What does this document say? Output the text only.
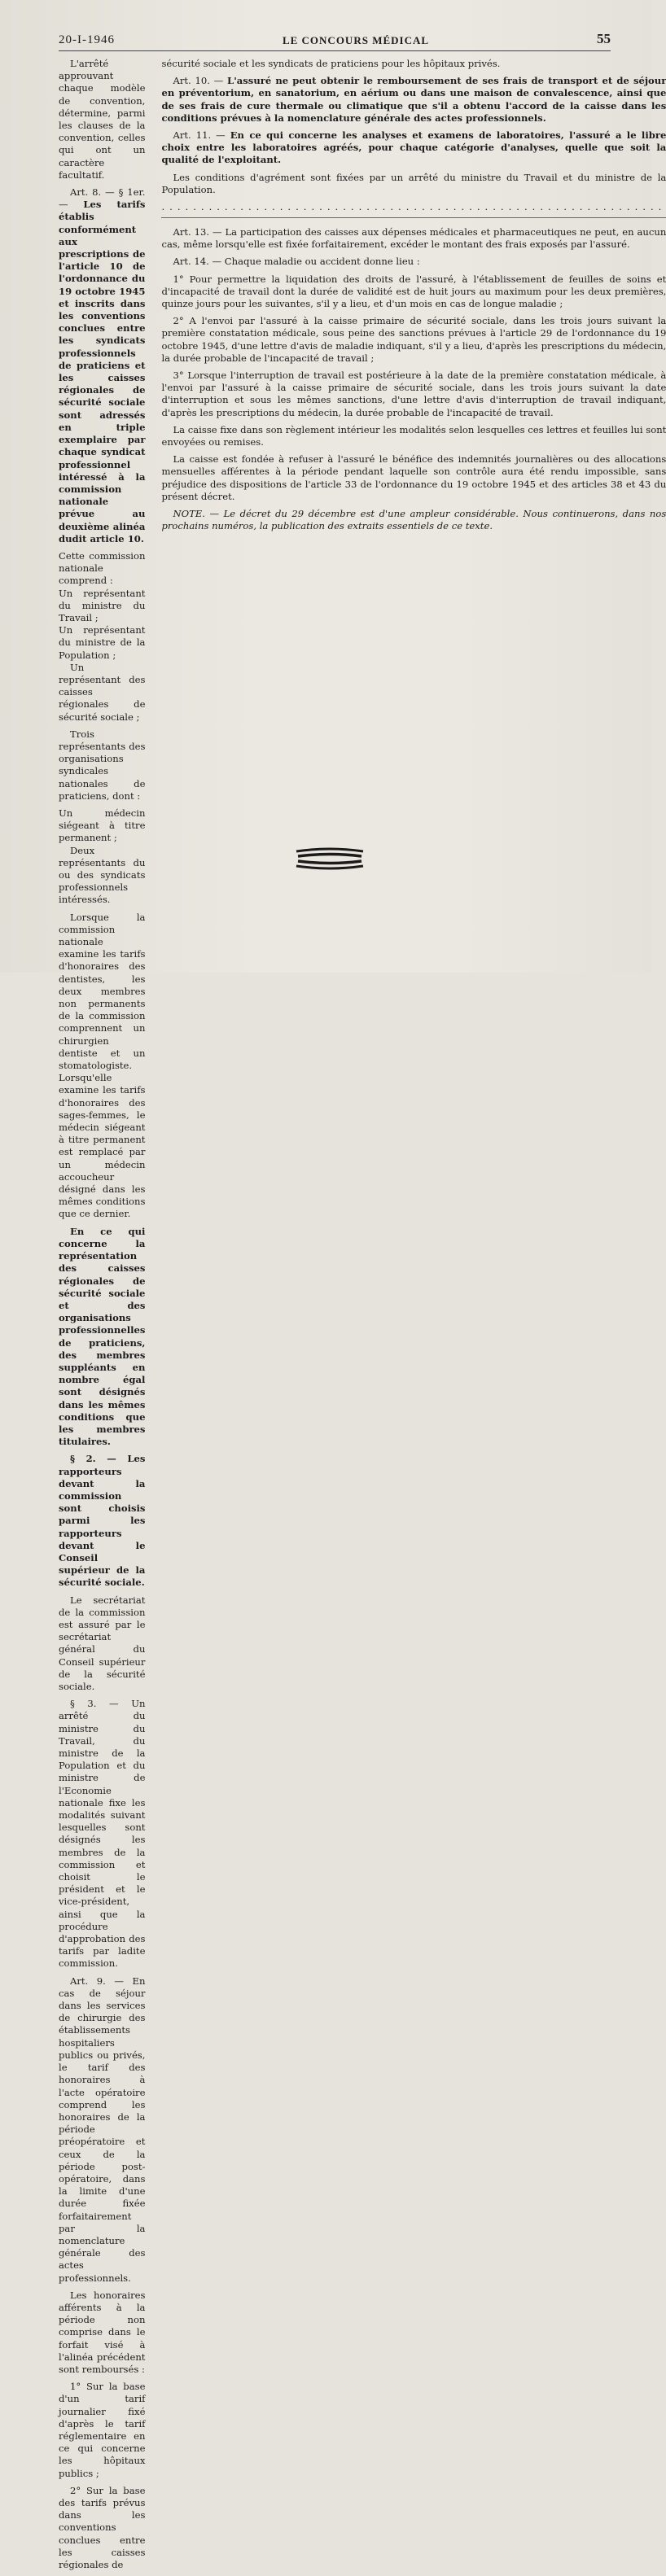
20-I-1946	LE CONCOURS MÉDICAL	55

L'arrêté approuvant chaque modèle de convention, détermine, parmi les clauses de la convention, celles qui ont un caractère facultatif.

Art. 8. — § 1er. — Les tarifs établis conformément aux prescriptions de l'article 10 de l'ordonnance du 19 octobre 1945 et inscrits dans les conventions conclues entre les syndicats professionnels de praticiens et les caisses régionales de sécurité sociale sont adressés en triple exemplaire par chaque syndicat professionnel intéressé à la commission nationale prévue au deuxième alinéa dudit article 10.

Cette commission nationale comprend :

Un représentant du ministre du Travail ;

Un représentant du ministre de la Population ;

Un représentant des caisses régionales de sécurité sociale ;

Trois représentants des organisations syndicales nationales de praticiens, dont :

Un médecin siégeant à titre permanent ;

Deux représentants du ou des syndicats professionnels intéressés.

Lorsque la commission nationale examine les tarifs d'honoraires des dentistes, les deux membres non permanents de la commission comprennent un chirurgien dentiste et un stomatologiste. Lorsqu'elle examine les tarifs d'honoraires des sages-femmes, le médecin siégeant à titre permanent est remplacé par un médecin accoucheur désigné dans les mêmes conditions que ce dernier.

En ce qui concerne la représentation des caisses régionales de sécurité sociale et des organisations professionnelles de praticiens, des membres suppléants en nombre égal sont désignés dans les mêmes conditions que les membres titulaires.

§ 2. — Les rapporteurs devant la commission sont choisis parmi les rapporteurs devant le Conseil supérieur de la sécurité sociale.

Le secrétariat de la commission est assuré par le secrétariat général du Conseil supérieur de la sécurité sociale.

§ 3. — Un arrêté du ministre du Travail, du ministre de la Population et du ministre de l'Economie nationale fixe les modalités suivant lesquelles sont désignés les membres de la commission et choisit le président et le vice-président, ainsi que la procédure d'approbation des tarifs par ladite commission.

Art. 9. — En cas de séjour dans les services de chirurgie des établissements hospitaliers publics ou privés, le tarif des honoraires à l'acte opératoire comprend les honoraires de la période préopératoire et ceux de la période post-opératoire, dans la limite d'une durée fixée forfaitairement par la nomenclature générale des actes professionnels.

Les honoraires afférents à la période non comprise dans le forfait visé à l'alinéa précédent sont remboursés :

1° Sur la base d'un tarif journalier fixé d'après le tarif réglementaire en ce qui concerne les hôpitaux publics ;

2° Sur la base des tarifs prévus dans les conventions conclues entre les caisses régionales de

sécurité sociale et les syndicats de praticiens pour les hôpitaux privés.

Art. 10. — L'assuré ne peut obtenir le remboursement de ses frais de transport et de séjour en préventorium, en sanatorium, en aérium ou dans une maison de convalescence, ainsi que de ses frais de cure thermale ou climatique que s'il a obtenu l'accord de la caisse dans les conditions prévues à la nomenclature générale des actes professionnels.

Art. 11. — En ce qui concerne les analyses et examens de laboratoires, l'assuré a le libre choix entre les laboratoires agréés, pour chaque catégorie d'analyses, quelle que soit la qualité de l'exploitant.

Les conditions d'agrément sont fixées par un arrêté du ministre du Travail et du ministre de la Population.

................................................................

Art. 13. — La participation des caisses aux dépenses médicales et pharmaceutiques ne peut, en aucun cas, même lorsqu'elle est fixée forfaitairement, excéder le montant des frais exposés par l'assuré.

Art. 14. — Chaque maladie ou accident donne lieu :

1° Pour permettre la liquidation des droits de l'assuré, à l'établissement de feuilles de soins et d'incapacité de travail dont la durée de validité est de huit jours au maximum pour les deux premières, quinze jours pour les suivantes, s'il y a lieu, et d'un mois en cas de longue maladie ;

2° A l'envoi par l'assuré à la caisse primaire de sécurité sociale, dans les trois jours suivant la première constatation médicale, sous peine des sanctions prévues à l'article 29 de l'ordonnance du 19 octobre 1945, d'une lettre d'avis de maladie indiquant, s'il y a lieu, d'après les prescriptions du médecin, la durée probable de l'incapacité de travail ;

3° Lorsque l'interruption de travail est postérieure à la date de la première constatation médicale, à l'envoi par l'assuré à la caisse primaire de sécurité sociale, dans les trois jours suivant la date d'interruption et sous les mêmes sanctions, d'une lettre d'avis d'interruption de travail indiquant, d'après les prescriptions du médecin, la durée probable de l'incapacité de travail.

La caisse fixe dans son règlement intérieur les modalités selon lesquelles ces lettres et feuilles lui sont envoyées ou remises.

La caisse est fondée à refuser à l'assuré le bénéfice des indemnités journalières ou des allocations mensuelles afférentes à la période pendant laquelle son contrôle aura été rendu impossible, sans préjudice des dispositions de l'article 33 de l'ordonnance du 19 octobre 1945 et des articles 38 et 43 du présent décret.

NOTE. — Le décret du 29 décembre est d'une ampleur considérable. Nous continuerons, dans nos prochains numéros, la publication des extraits essentiels de ce texte.
